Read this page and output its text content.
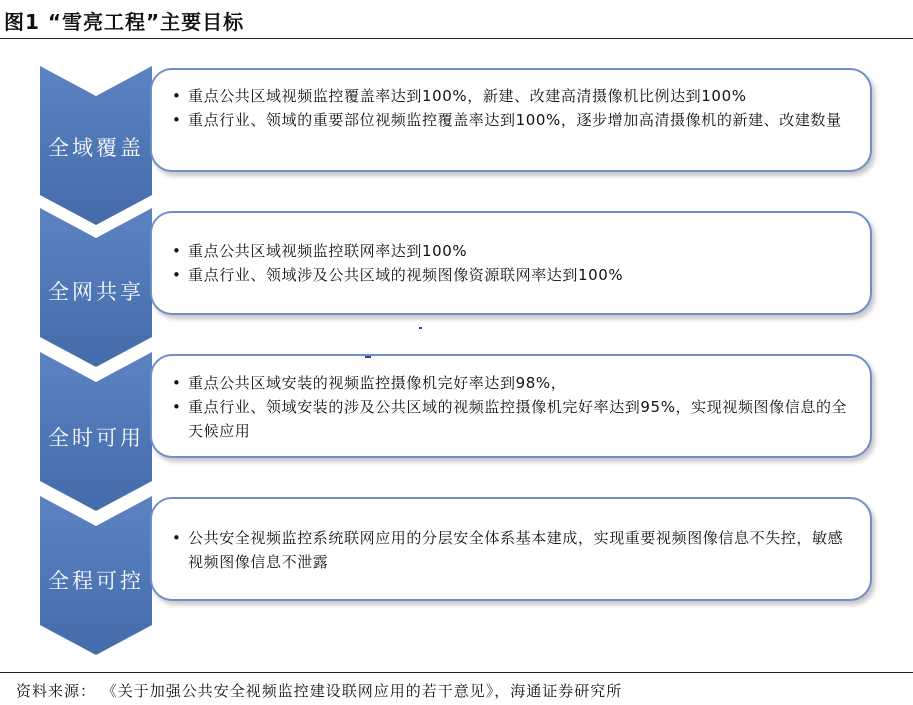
图1 “雪亮工程”主要目标
• 重点公共区域视频监控覆盖率达到100%，新建、改建高清摄像机比例达到100%
• 重点行业、领域的重要部位视频监控覆盖率达到100%，逐步增加高清摄像机的新建、改建数量
• 重点公共区域视频监控联网率达到100%
• 重点行业、领域涉及公共区域的视频图像资源联网率达到100%
• 重点公共区域安装的视频监控摄像机完好率达到98%，
• 重点行业、领域安装的涉及公共区域的视频监控摄像机完好率达到95%，实现视频图像信息的全天候应用
• 公共安全视频监控系统联网应用的分层安全体系基本建成，实现重要视频图像信息不失控，敏感视频图像信息不泄露
全域覆盖
全网共享
全时可用
全程可控
资料来源： 《关于加强公共安全视频监控建设联网应用的若干意见》，海通证券研究所
